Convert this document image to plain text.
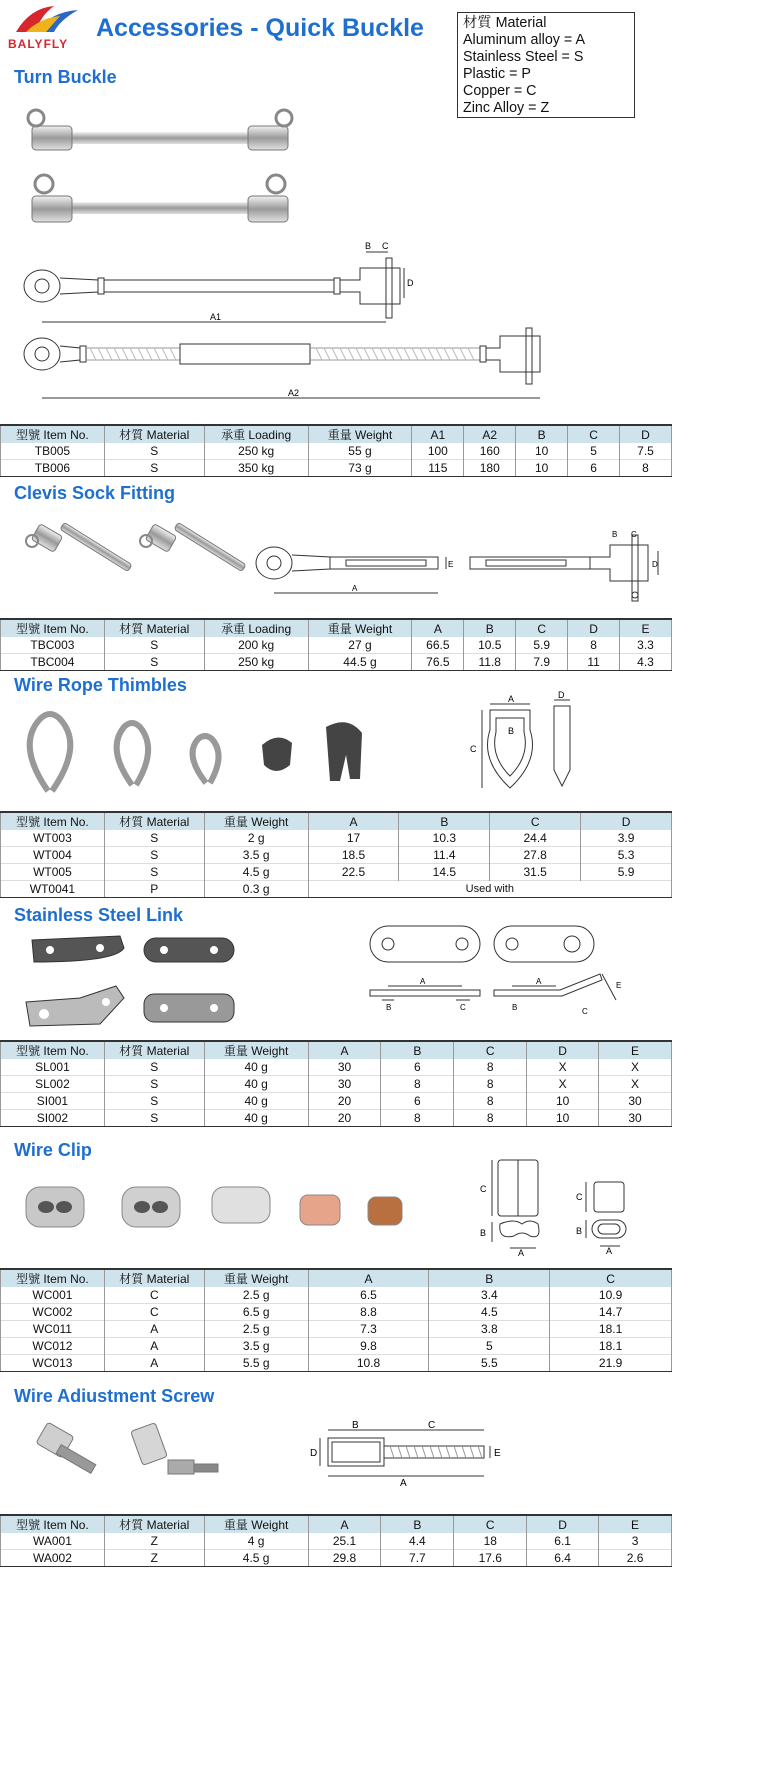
BALYFLY
Accessories - Quick Buckle	材質 Material
Aluminum alloy = A
Stainless Steel = S
Plastic = P
Copper = C
Zinc Alloy = Z
Turn Buckle
A1
A2
B C
D
型號 Item No.	材質 Material	承重 Loading	重量 Weight	A1	A2	B	C	D
TB005	S	250 kg	55 g	100	160	10	5	7.5
TB006	S	350 kg	73 g	115	180	10	6	8
Clevis Sock Fitting
A
B C
D
E
型號 Item No.	材質 Material	承重 Loading	重量 Weight	A	B	C	D	E
TBC003	S	200 kg	27 g	66.5	10.5	5.9	8	3.3
TBC004	S	250 kg	44.5 g	76.5	11.8	7.9	11	4.3
Wire Rope Thimbles
A
B
C
D
型號 Item No.	材質 Material	重量 Weight	A	B	C	D
WT003	S	2 g	17	10.3	24.4	3.9
WT004	S	3.5 g	18.5	11.4	27.8	5.3
WT005	S	4.5 g	22.5	14.5	31.5	5.9
WT0041	P	0.3 g	Used with			
Stainless Steel Link
A	A
B	C	B	C
E
型號 Item No.	材質 Material	重量 Weight	A	B	C	D	E
SL001	S	40 g	30	6	8	X	X
SL002	S	40 g	30	8	8	X	X
SI001	S	40 g	20	6	8	10	30
SI002	S	40 g	20	8	8	10	30
Wire Clip
C
B
A
C
B
A
型號 Item No.	材質 Material	重量 Weight	A	B	C
WC001	C	2.5 g	6.5	3.4	10.9
WC002	C	6.5 g	8.8	4.5	14.7
WC011	A	2.5 g	7.3	3.8	18.1
WC012	A	3.5 g	9.8	5	18.1
WC013	A	5.5 g	10.8	5.5	21.9
Wire Adiustment Screw
B	C
A
D	E
型號 Item No.	材質 Material	重量 Weight	A	B	C	D	E
WA001	Z	4 g	25.1	4.4	18	6.1	3
WA002	Z	4.5 g	29.8	7.7	17.6	6.4	2.6
